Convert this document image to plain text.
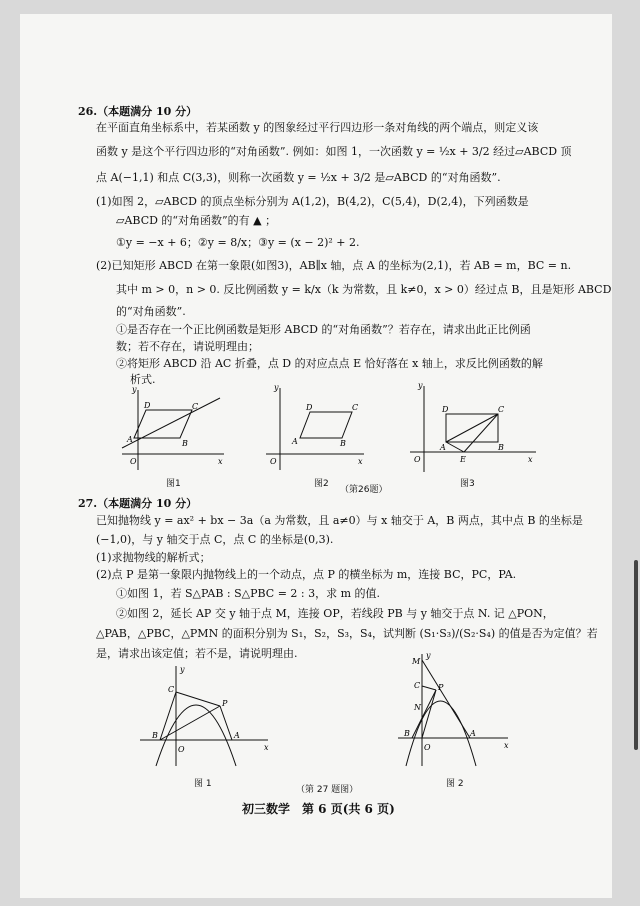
26.（本题满分 10 分）
在平面直角坐标系中，若某函数 y 的图象经过平行四边形一条对角线的两个端点，则定义该
函数 y 是这个平行四边形的“对角函数”. 例如：如图 1，一次函数 y = ½x + 3/2 经过▱ABCD 顶
点 A(−1,1) 和点 C(3,3)，则称一次函数 y = ½x + 3/2 是▱ABCD 的“对角函数”.
(1)如图 2，▱ABCD 的顶点坐标分别为 A(1,2)，B(4,2)，C(5,4)，D(2,4)，下列函数是
▱ABCD 的“对角函数”的有 ▲ ；
①y = −x + 6；②y = 8/x；③y = (x − 2)² + 2.
(2)已知矩形 ABCD 在第一象限(如图3)，AB∥x 轴，点 A 的坐标为(2,1)，若 AB = m，BC = n.
其中 m > 0，n > 0. 反比例函数 y = k/x（k 为常数，且 k≠0，x > 0）经过点 B，且是矩形 ABCD
的“对角函数”.
①是否存在一个正比例函数是矩形 ABCD 的“对角函数”？若存在，请求出此正比例函
数；若不存在，请说明理由；
②将矩形 ABCD 沿 AC 折叠，点 D 的对应点点 E 恰好落在 x 轴上，求反比例函数的解
析式.
y
x
A	B
C
D
O
图1
y
x
A	B
C
D
O
图2
（第26题）
y
x
A	B
C
D
E
O
图3
27.（本题满分 10 分）
已知抛物线 y = ax² + bx − 3a（a 为常数，且 a≠0）与 x 轴交于 A，B 两点，其中点 B 的坐标是
(−1,0)，与 y 轴交于点 C，点 C 的坐标是(0,3).
(1)求抛物线的解析式；
(2)点 P 是第一象限内抛物线上的一个动点，点 P 的横坐标为 m，连接 BC，PC，PA.
①如图 1，若 S△PAB : S△PBC = 2 : 3，求 m 的值.
②如图 2，延长 AP 交 y 轴于点 M，连接 OP，若线段 PB 与 y 轴交于点 N. 记 △PON，
△PAB，△PBC，△PMN 的面积分别为 S₁，S₂，S₃，S₄，试判断 (S₁·S₃)/(S₂·S₄) 的值是否为定值？若
是，请求出该定值；若不是，请说明理由.
y
x
C
P
B	A
O
图 1
（第 27 题图）
y
x
M
C P
N
B	A
O
图 2
初三数学　第 6 页(共 6 页)
